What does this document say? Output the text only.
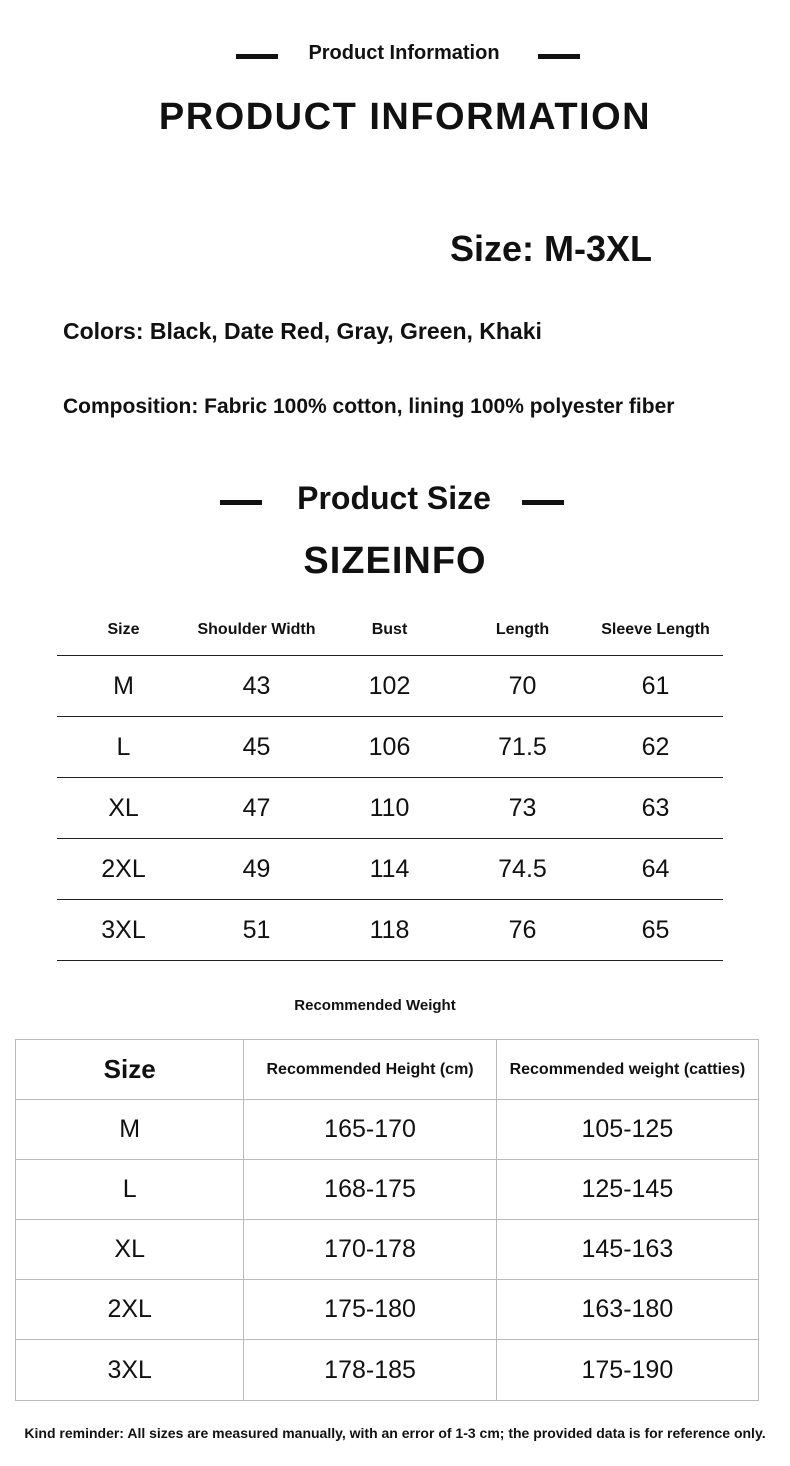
Product Information
PRODUCT INFORMATION
Size: M-3XL
Colors: Black, Date Red, Gray, Green, Khaki
Composition: Fabric 100% cotton, lining 100% polyester fiber
Product Size
SIZEINFO
Size	Shoulder Width	Bust	Length	Sleeve Length
M	43	102	70	61
L	45	106	71.5	62
XL	47	110	73	63
2XL	49	114	74.5	64
3XL	51	118	76	65
Recommended Weight
Size	Recommended Height (cm)	Recommended weight (catties)
M	165-170	105-125
L	168-175	125-145
XL	170-178	145-163
2XL	175-180	163-180
3XL	178-185	175-190
Kind reminder: All sizes are measured manually, with an error of 1-3 cm; the provided data is for reference only.
